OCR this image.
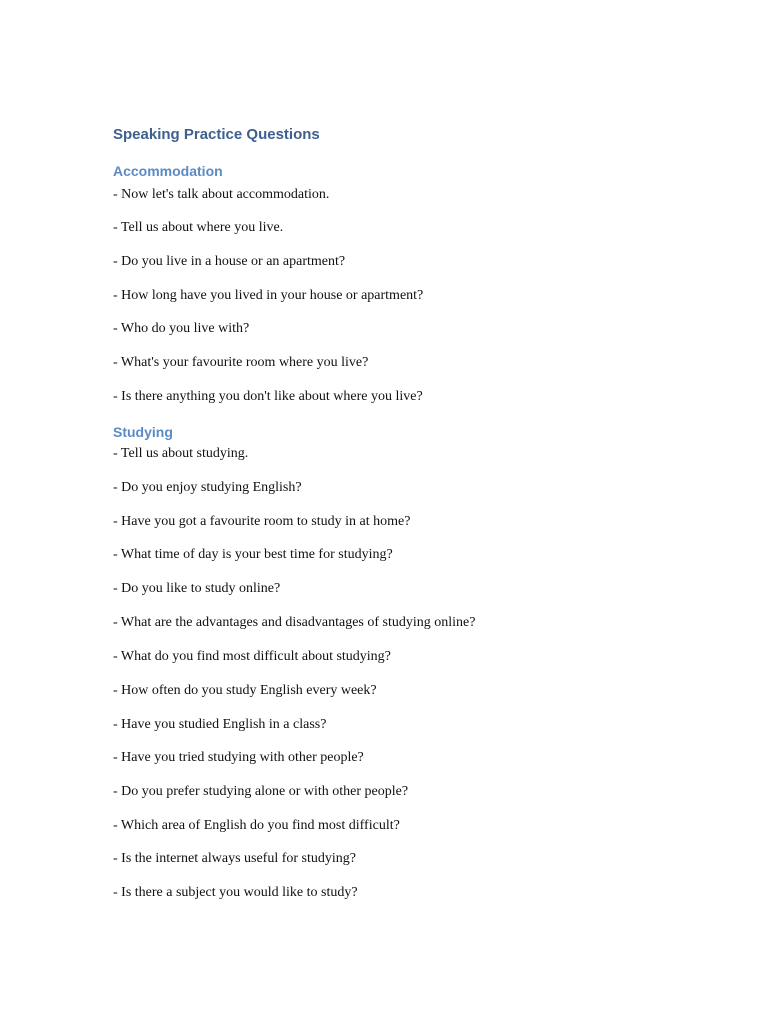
Speaking Practice Questions
Accommodation

- Now let's talk about accommodation.

- Tell us about where you live.

- Do you live in a house or an apartment?

- How long have you lived in your house or apartment?

- Who do you live with?

- What's your favourite room where you live?

- Is there anything you don't like about where you live?

Studying

- Tell us about studying.

- Do you enjoy studying English?

- Have you got a favourite room to study in at home?

- What time of day is your best time for studying?

- Do you like to study online?

- What are the advantages and disadvantages of studying online?

- What do you find most difficult about studying?

- How often do you study English every week?

- Have you studied English in a class?

- Have you tried studying with other people?

- Do you prefer studying alone or with other people?

- Which area of English do you find most difficult?

- Is the internet always useful for studying?

- Is there a subject you would like to study?
